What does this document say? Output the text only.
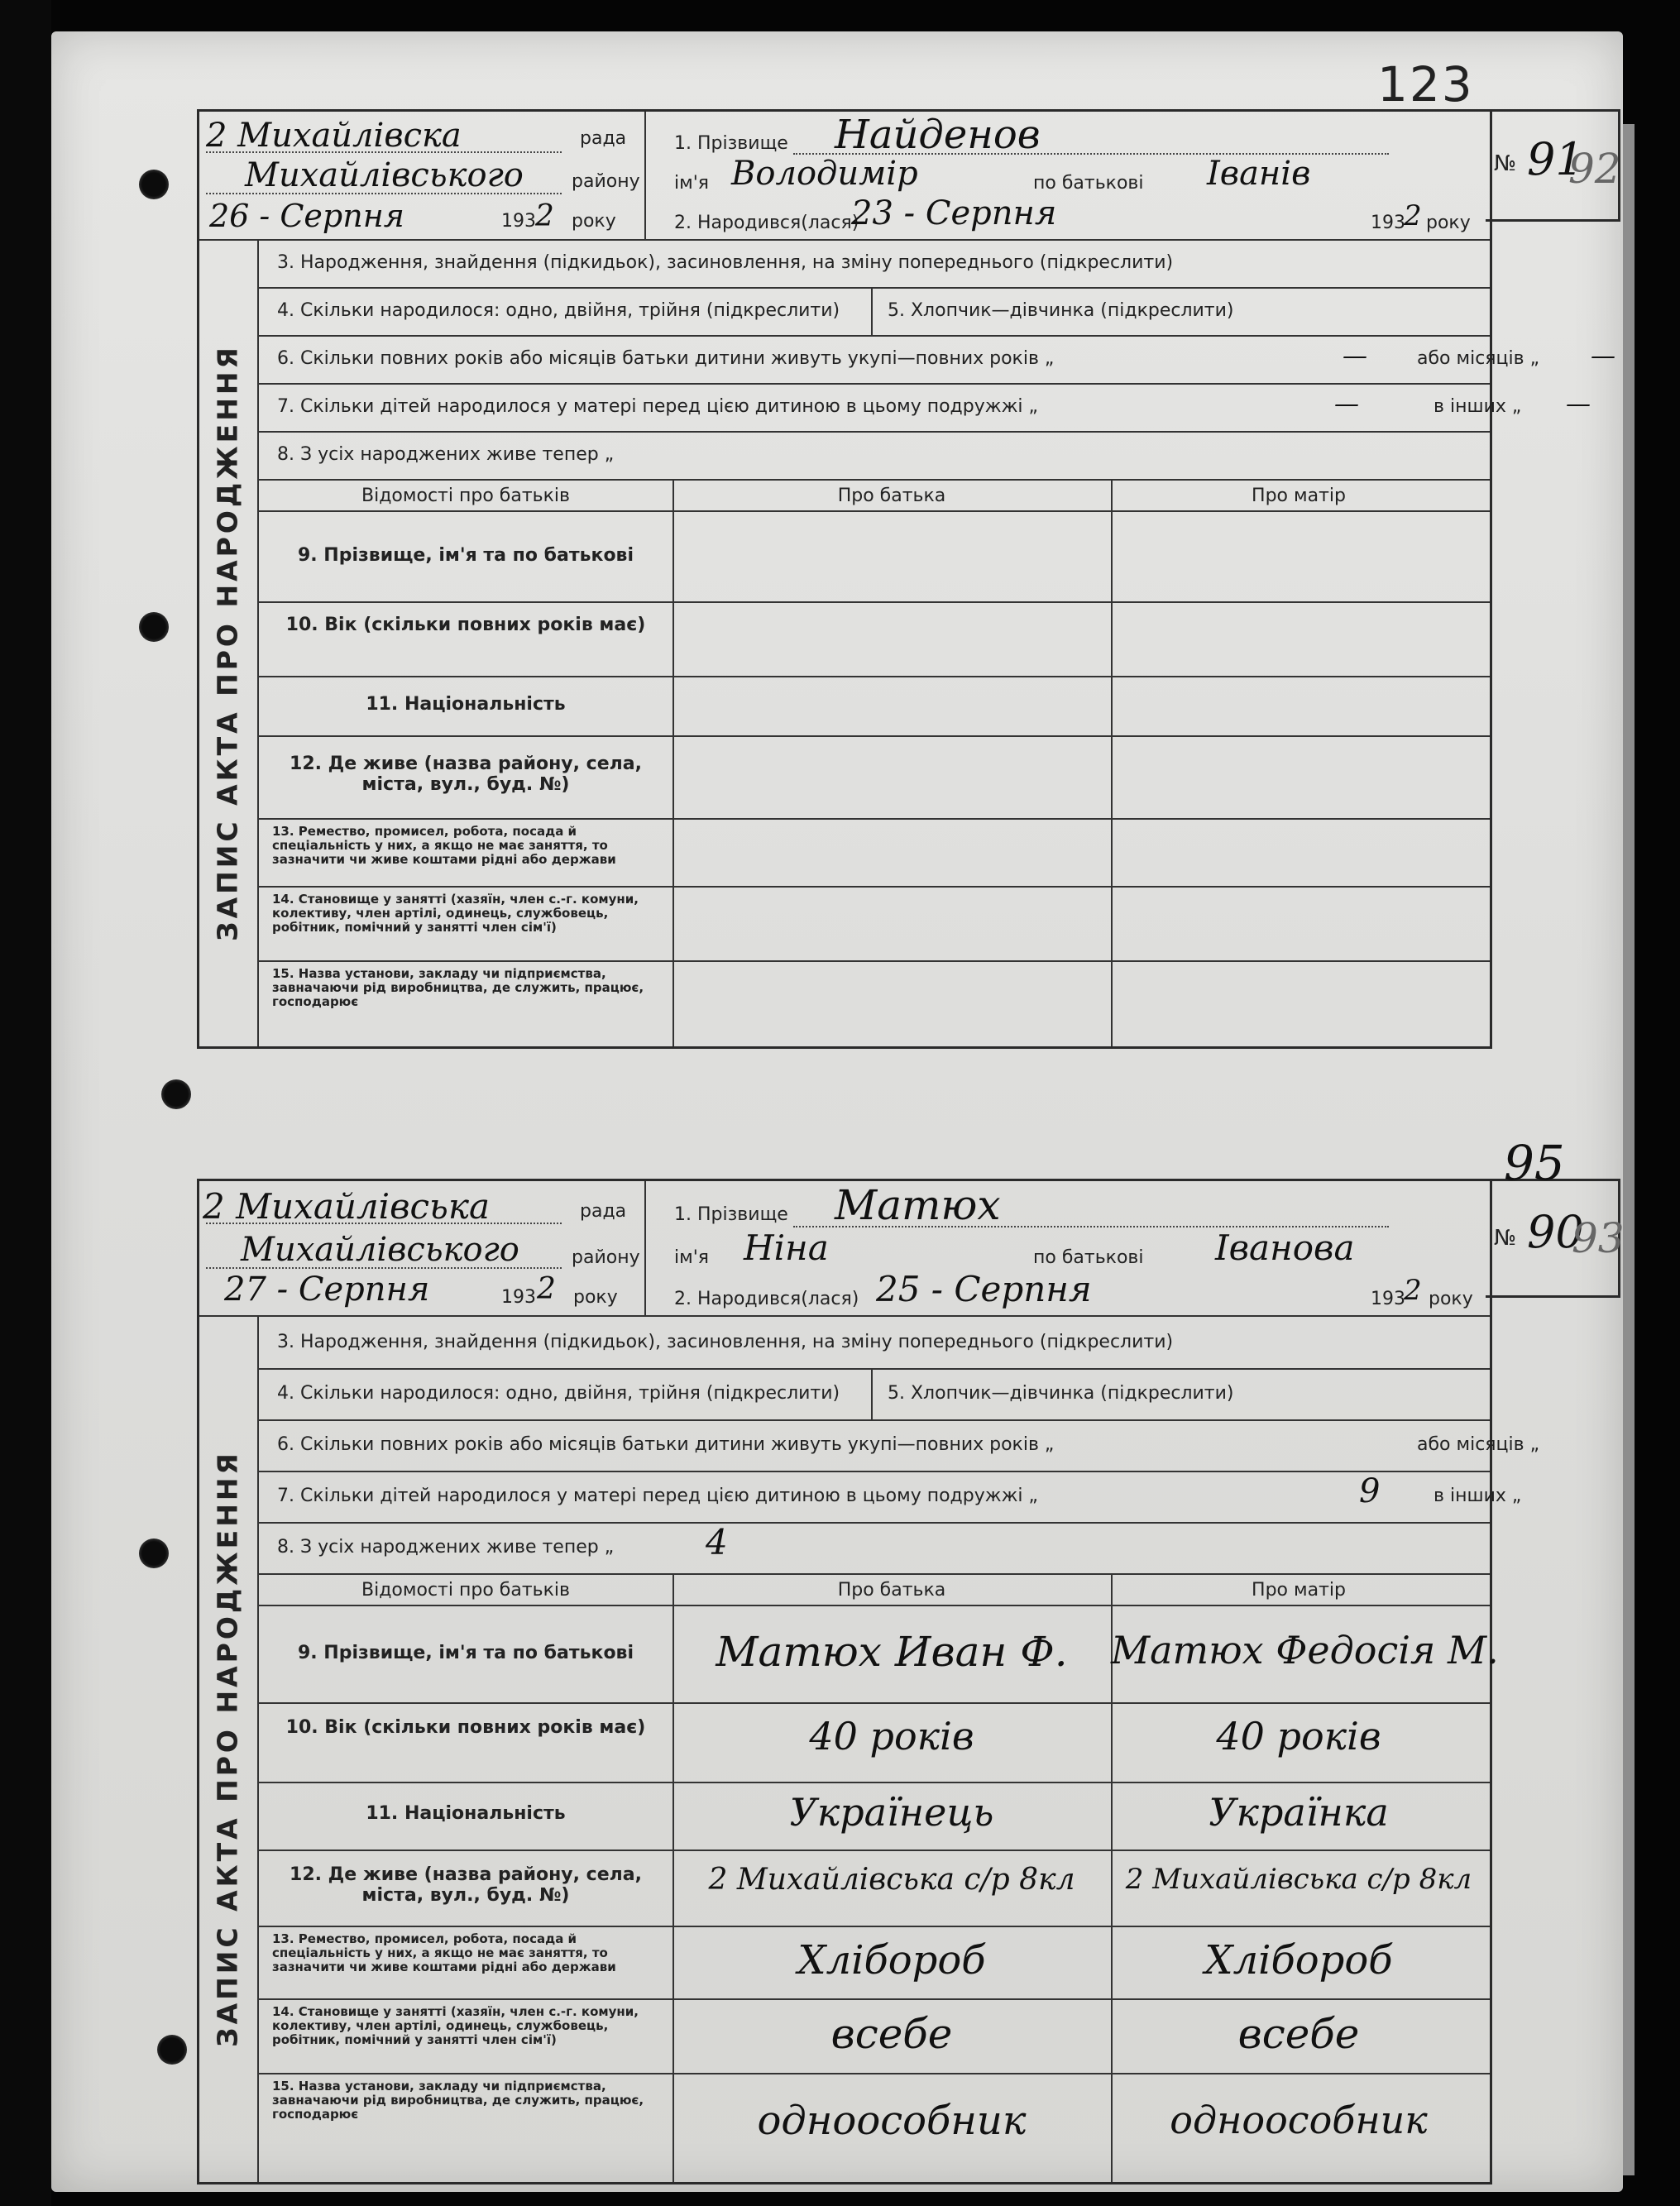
123
2 Михайлівска	рада
Михайлівського	району
26 - Серпня	193 2 року
1. Прізвище Найденов
ім'я Володимір	по батькові Іванів
2. Народився(лася)
23 - Серпня	193
2 року
ЗАПИС АКТА ПРО НАРОДЖЕННЯ
3. Народження, знайдення (підкидьок), засиновлення, на зміну попереднього (підкреслити)
4. Скільки народилося: одно, двійня, трійня (підкреслити)	5. Хлопчик—дівчинка (підкреслити)
6. Скільки повних років або місяців батьки дитини живуть укупі—повних років „	—	або місяців „ —
7. Скільки дітей народилося у матері перед цією дитиною в цьому подружжі „	—	в інших „ —
8. З усіх народжених живе тепер „
Відомості про батьків	Про батька	Про матір
9. Прізвище, ім'я та по батькові
10. Вік (скільки повних років має)
11. Національність
12. Де живе (назва району, села, міста, вул., буд. №)
13. Ремество, промисел, робота, посада й спеціальність у них, а якщо не має заняття, то зазначити чи живе коштами рідні або держави
14. Становище у занятті (хазяїн, член с.-г. комуни, колективу, член артілі, одинець, службовець, робітник, помічний у занятті член сім'ї)
15. Назва установи, закладу чи підприємства, завначаючи рід виробництва, де служить, працює, господарює
№ 91
92
2 Михайлівська	рада
Михайлівського	району
27 - Серпня	193 2 року
1. Прізвище Матюх
ім'я Ніна	по батькові Іванова
2. Народився(лася) 25 - Серпня	193
2 року
ЗАПИС АКТА ПРО НАРОДЖЕННЯ
3. Народження, знайдення (підкидьок), засиновлення, на зміну попереднього (підкреслити)
4. Скільки народилося: одно, двійня, трійня (підкреслити)	5. Хлопчик—дівчинка (підкреслити)
6. Скільки повних років або місяців батьки дитини живуть укупі—повних років „	або місяців „
7. Скільки дітей народилося у матері перед цією дитиною в цьому подружжі „	9	в інших „
8. З усіх народжених живе тепер „	4
Відомості про батьків	Про батька	Про матір
9. Прізвище, ім'я та по батькові	Матюх Иван Ф.	Матюх Федосія М.
10. Вік (скільки повних років має)	40 років	40 років
11. Національність	Українець	Українка
12. Де живе (назва району, села, міста, вул., буд. №)	2 Михайлівська с/р 8кл	2 Михайлівська с/р 8кл
13. Ремество, промисел, робота, посада й спеціальність у них, а якщо не має заняття, то зазначити чи живе коштами рідні або держави	Хлібороб	Хлібороб
14. Становище у занятті (хазяїн, член с.-г. комуни, колективу, член артілі, одинець, службовець, робітник, помічний у занятті член сім'ї)	всебе	всебе
15. Назва установи, закладу чи підприємства, завначаючи рід виробництва, де служить, працює, господарює	одноособник	одноособник
№ 90
93
95
